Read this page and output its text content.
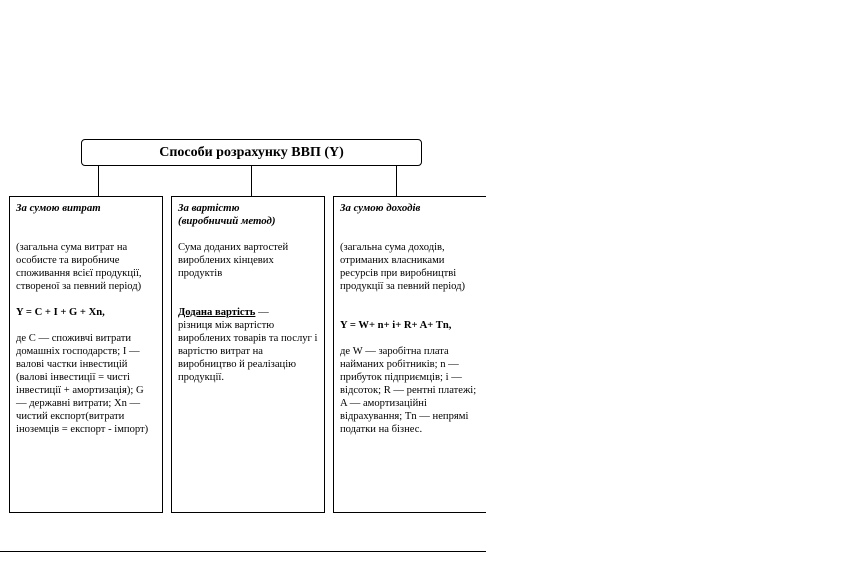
Способи розрахунку ВВП (Y)

За сумою витрат

(загальна сума витрат на особисте та виробниче споживання всієї продукції, створеної за певний період)

Y = C + I + G + Xn,

де C — споживчі витрати домашніх господарств; I —валові частки інвестицій (валові інвестиції = чисті інвестиції + амортизація); G — державні витрати; Xn — чистий експорт(витрати іноземців = експорт - імпорт)

За вартістю

(виробничий метод)

Сума доданих вартостей вироблених кінцевих продуктів

Додана вартість —

різниця між вартістю вироблених товарів та послуг і вартістю витрат на виробництво й реалізацію продукції.

За сумою доходів

(загальна сума доходів, отриманих власниками ресурсів при виробництві продукції за певний період)

Y = W+ n+ i+ R+ A+ Tn,

де W — заробітна плата найманих робітників; n — прибуток підприємців; і — відсоток; R — рентні платежі; A — амортизаційні відрахування; Tn — непрямі податки на бізнес.
